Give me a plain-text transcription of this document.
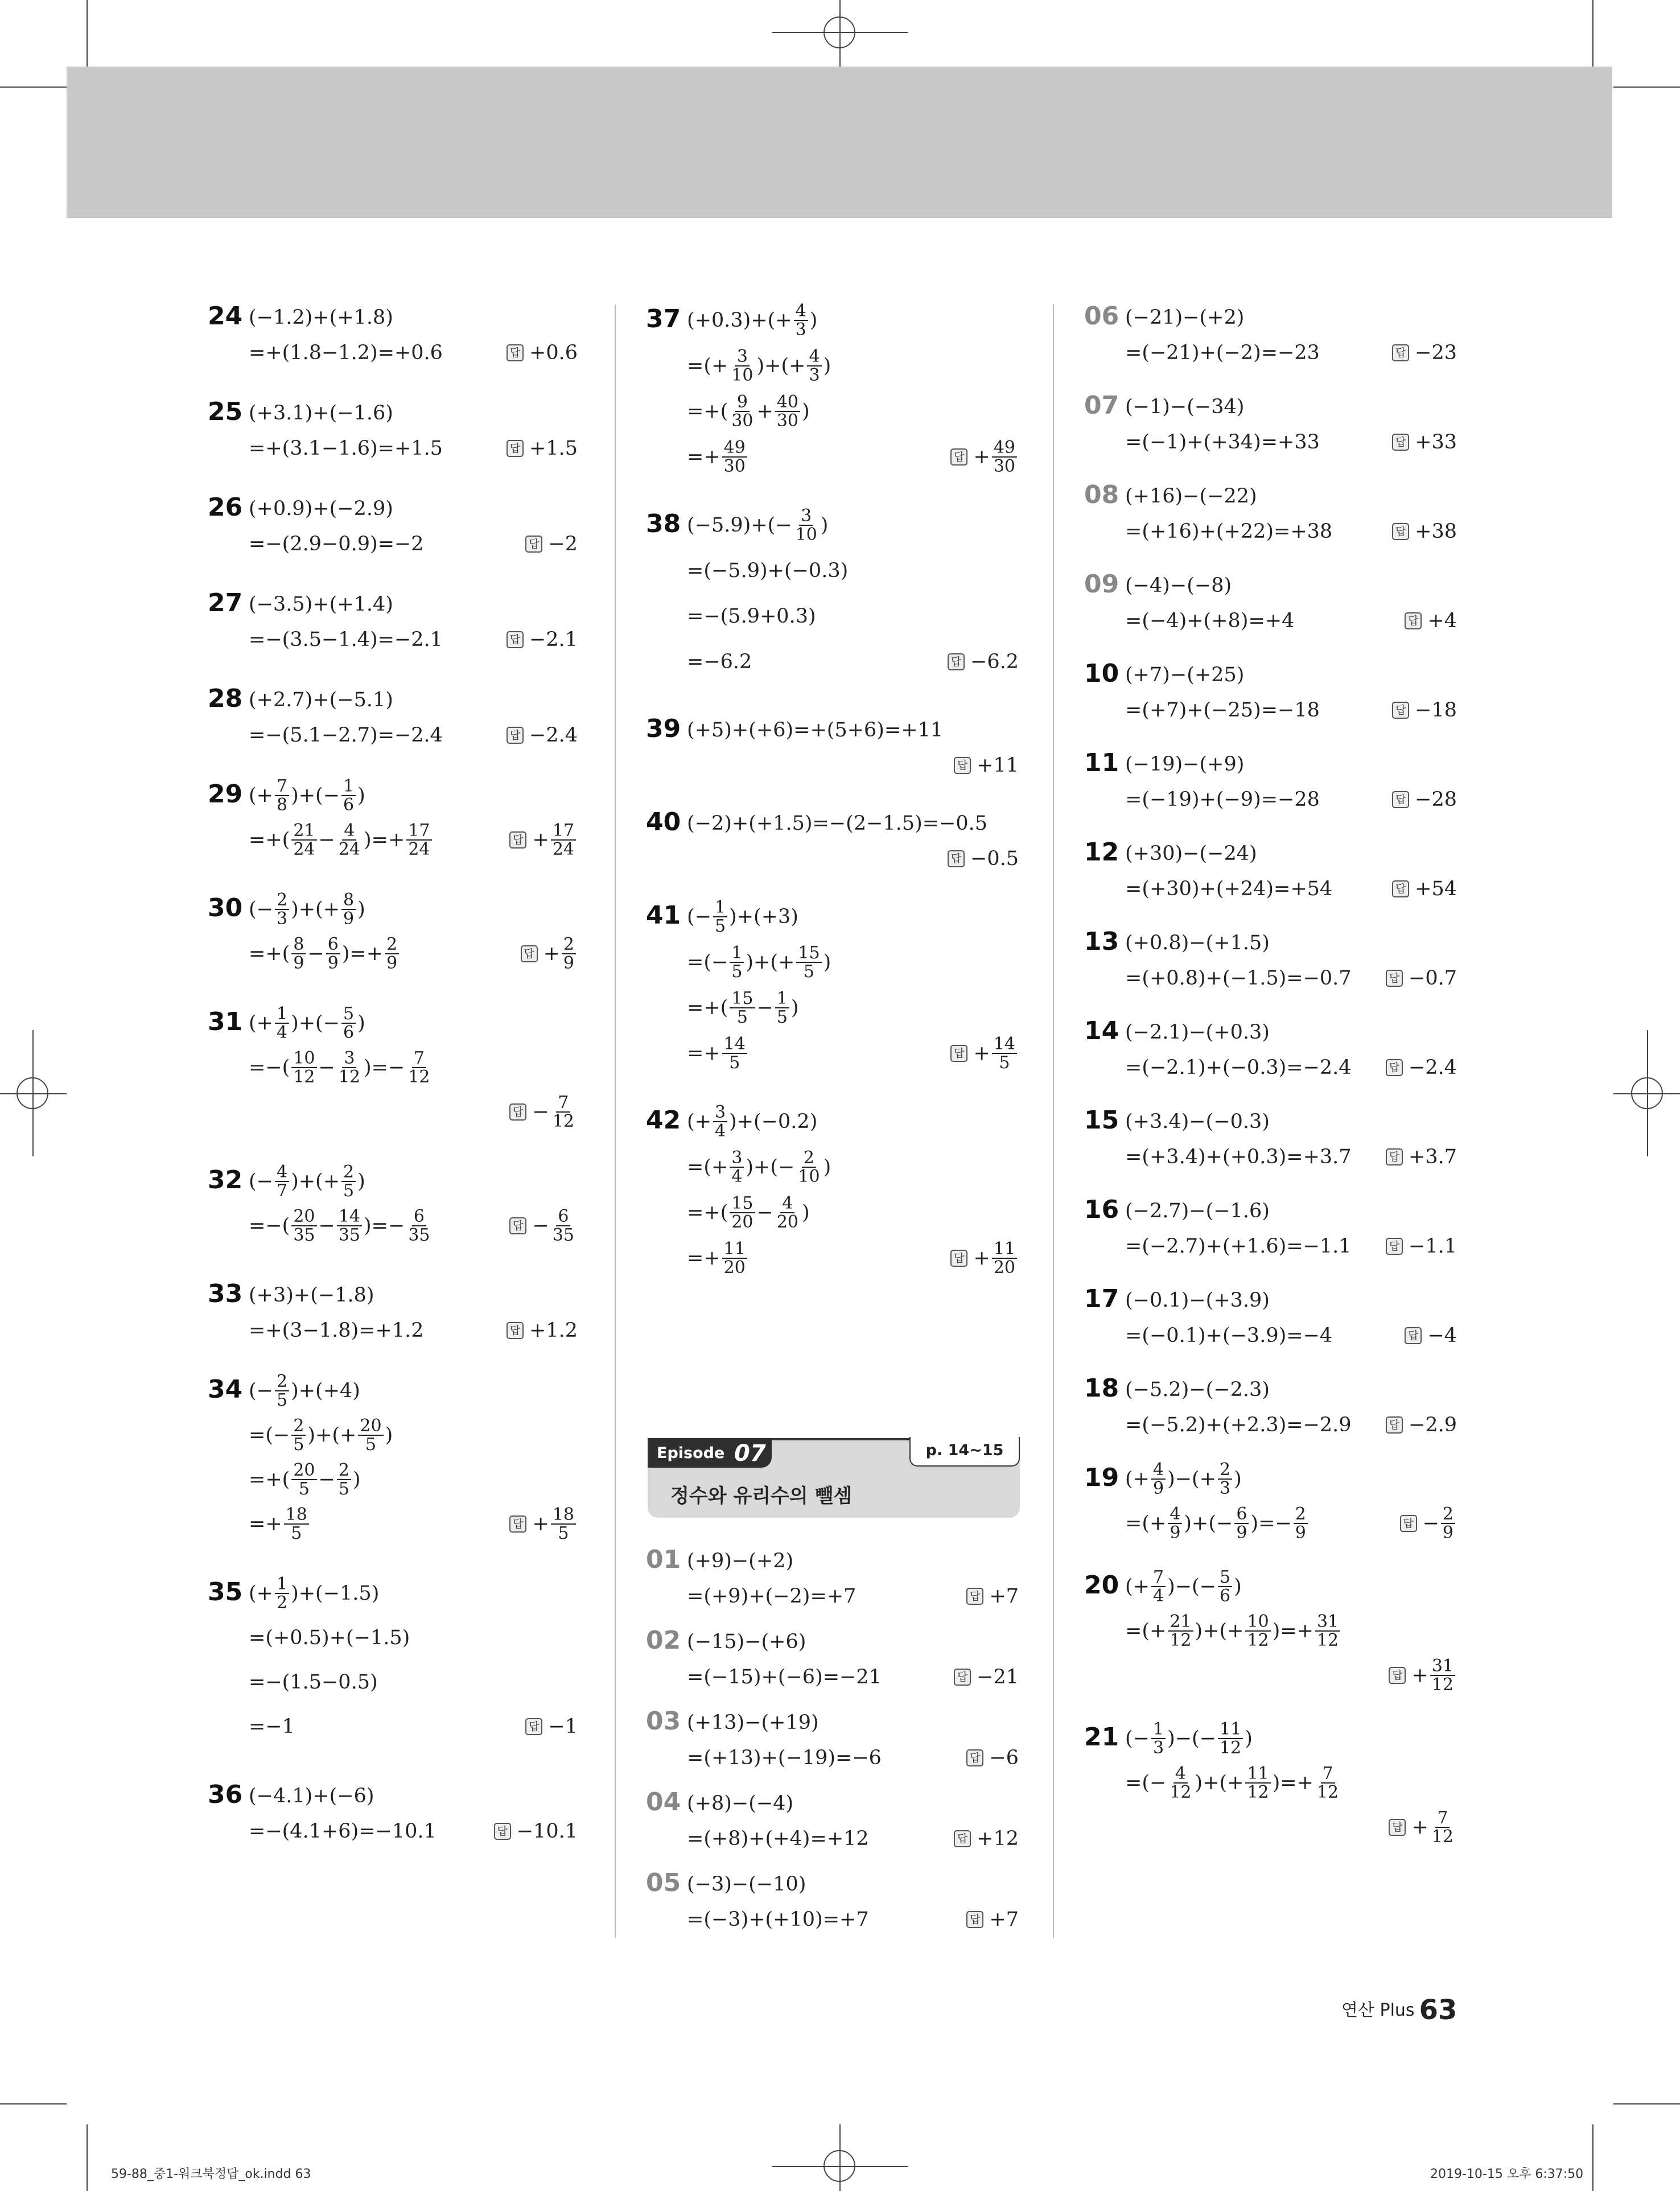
24 (−1.2)+(+1.8)
=+(1.8−1.2)=+0.6	답 +0.6
25 (+3.1)+(−1.6)
=+(3.1−1.6)=+1.5	답 +1.5
26 (+0.9)+(−2.9)
=−(2.9−0.9)=−2	답 −2
27 (−3.5)+(+1.4)
=−(3.5−1.4)=−2.1	답 −2.1
28 (+2.7)+(−5.1)
=−(5.1−2.7)=−2.4	답 −2.4
29 (+ $\frac{7}{8}$ )+(− $\frac{1}{6}$ )
=+( $\frac{21}{24} - \frac{4}{24}$ )=+ $\frac{17}{24}$	답 + $\frac{17}{24}$
30 (− $\frac{2}{3}$ )+(+ $\frac{8}{9}$ )
=+( $\frac{8}{9} - \frac{6}{9}$ )=+ $\frac{2}{9}$	답 + $\frac{2}{9}$
31 (+ $\frac{1}{4}$ )+(− $\frac{5}{6}$ )
=−( $\frac{10}{12} - \frac{3}{12}$ )=− $\frac{7}{12}$
답 − $\frac{7}{12}$
32 (− $\frac{4}{7}$ )+(+ $\frac{2}{5}$ )
=−( $\frac{20}{35} - \frac{14}{35}$ )=− $\frac{6}{35}$	답 − $\frac{6}{35}$
33 (+3)+(−1.8)
=+(3−1.8)=+1.2	답 +1.2
34 (− $\frac{2}{5} )+(+4)$
=(− $\frac{2}{5}$ )+(+ $\frac{20}{5}$ )
=+( $\frac{20}{5} - \frac{2}{5}$ )
=+ $\frac{18}{5}$	답 + $\frac{18}{5}$
35 (+ $\frac{1}{2} )+(-1.5)$
=(+0.5)+(−1.5)
=−(1.5−0.5)
=−1	답 −1
36 (−4.1)+(−6)
=−(4.1+6)=−10.1	답 −10.1
37 $(+0.3)+(+ \frac{4}{3}$ )
=(+ $\frac{3}{10}$ )+(+ $\frac{4}{3}$ )
=+( $\frac{9}{30} + \frac{40}{30}$ )
=+ $\frac{49}{30}$	답 + $\frac{49}{30}$
38 $(-5.9)+(- \frac{3}{10}$ )
=(−5.9)+(−0.3)
=−(5.9+0.3)
=−6.2	답 −6.2
39 (+5)+(+6)=+(5+6)=+11
답 +11
40 (−2)+(+1.5)=−(2−1.5)=−0.5
답 −0.5
41 (− $\frac{1}{5} )+(+3)$
=(− $\frac{1}{5}$ )+(+ $\frac{15}{5}$ )
=+( $\frac{15}{5} - \frac{1}{5}$ )
=+ $\frac{14}{5}$	답 + $\frac{14}{5}$
42 (+ $\frac{3}{4} )+(-0.2)$
=(+ $\frac{3}{4}$ )+(− $\frac{2}{10}$ )
=+( $\frac{15}{20} - \frac{4}{20}$ )
=+ $\frac{11}{20}$	답 + $\frac{11}{20}$
01 (+9)−(+2)
=(+9)+(−2)=+7	답 +7
02 (−15)−(+6)
=(−15)+(−6)=−21	답 −21
03 (+13)−(+19)
=(+13)+(−19)=−6	답 −6
04 (+8)−(−4)
=(+8)+(+4)=+12	답 +12
05 (−3)−(−10)
=(−3)+(+10)=+7	답 +7
06 (−21)−(+2)
=(−21)+(−2)=−23	답 −23
07 (−1)−(−34)
=(−1)+(+34)=+33	답 +33
08 (+16)−(−22)
=(+16)+(+22)=+38	답 +38
09 (−4)−(−8)
=(−4)+(+8)=+4	답 +4
10 (+7)−(+25)
=(+7)+(−25)=−18	답 −18
11 (−19)−(+9)
=(−19)+(−9)=−28	답 −28
12 (+30)−(−24)
=(+30)+(+24)=+54	답 +54
13 (+0.8)−(+1.5)
=(+0.8)+(−1.5)=−0.7	답 −0.7
14 (−2.1)−(+0.3)
=(−2.1)+(−0.3)=−2.4	답 −2.4
15 (+3.4)−(−0.3)
=(+3.4)+(+0.3)=+3.7	답 +3.7
16 (−2.7)−(−1.6)
=(−2.7)+(+1.6)=−1.1	답 −1.1
17 (−0.1)−(+3.9)
=(−0.1)+(−3.9)=−4	답 −4
18 (−5.2)−(−2.3)
=(−5.2)+(+2.3)=−2.9	답 −2.9
19 (+ $\frac{4}{9}$ )−(+ $\frac{2}{3}$ )
=(+ $\frac{4}{9}$ )+(− $\frac{6}{9}$ )=− $\frac{2}{9}$	답 − $\frac{2}{9}$
20 (+ $\frac{7}{4}$ )−(− $\frac{5}{6}$ )
=(+ $\frac{21}{12}$ )+(+ $\frac{10}{12}$ )=+ $\frac{31}{12}$
답 + $\frac{31}{12}$
21 (− $\frac{1}{3}$ )−(− $\frac{11}{12}$ )
=(− $\frac{4}{12}$ )+(+ $\frac{11}{12}$ )=+ $\frac{7}{12}$
답 + $\frac{7}{12}$
Episode 07	p. 14~15
정수와 유리수의 뺄셈
연산 Plus 63
59-88_중1-워크북정답_ok.indd 63	2019-10-15 오후 6:37:50
